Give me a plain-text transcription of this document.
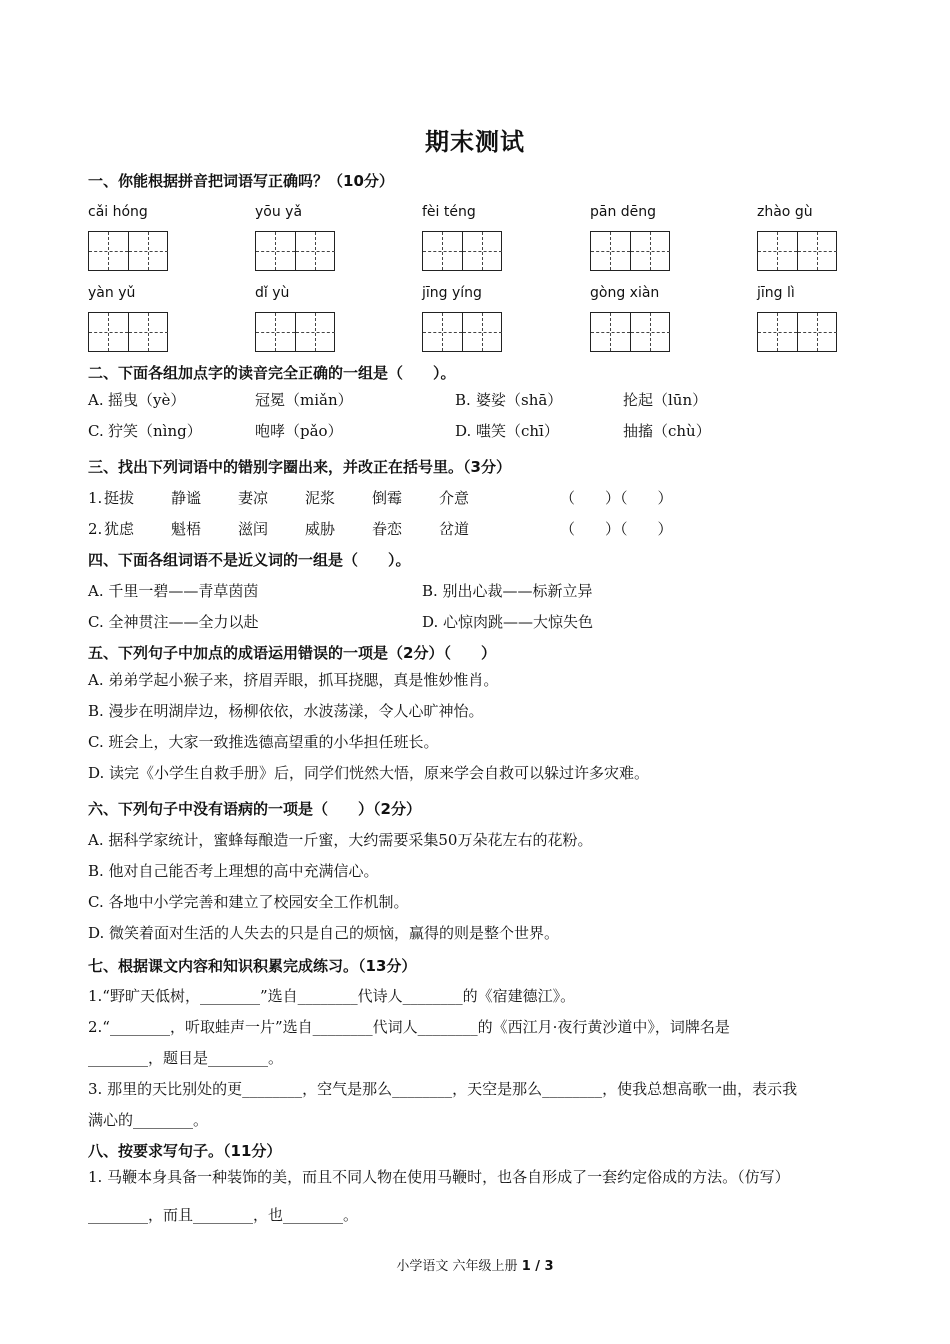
期末测试
一、你能根据拼音把词语写正确吗？（10分）
cǎi hóng	yōu yǎ	fèi téng	pān dēng	zhào gù
yàn yǔ	dǐ yù	jīng yíng	gòng xiàn	jīng lì
二、下面各组加点字的读音完全正确的一组是（　　）。
A. 摇曳（yè）	冠冕（miǎn）	B. 婆娑（shā）	抡起（lūn）
C. 狞笑（nìng）	咆哮（pǎo）	D. 嗤笑（chī）	抽搐（chù）
三、找出下列词语中的错别字圈出来，并改正在括号里。（3分）
1. 挺拔 静谧 妻凉 泥浆 倒霉 介意	（　　）（　　）
2. 犹虑 魁梧 滋闰 威胁 眷恋 岔道	（　　）（　　）
四、下面各组词语不是近义词的一组是（　　）。
A. 千里一碧——青草茵茵	B. 别出心裁——标新立异
C. 全神贯注——全力以赴	D. 心惊肉跳——大惊失色
五、下列句子中加点的成语运用错误的一项是（2分）（　　）
A. 弟弟学起小猴子来，挤眉弄眼，抓耳挠腮，真是惟妙惟肖。
B. 漫步在明湖岸边，杨柳依依，水波荡漾，令人心旷神怡。
C. 班会上，大家一致推选德高望重的小华担任班长。
D. 读完《小学生自救手册》后，同学们恍然大悟，原来学会自救可以躲过许多灾难。
六、下列句子中没有语病的一项是（　　）（2分）
A. 据科学家统计，蜜蜂每酿造一斤蜜，大约需要采集50万朵花左右的花粉。
B. 他对自己能否考上理想的高中充满信心。
C. 各地中小学完善和建立了校园安全工作机制。
D. 微笑着面对生活的人失去的只是自己的烦恼，赢得的则是整个世界。
七、根据课文内容和知识积累完成练习。（13分）
1.“野旷天低树，________”选自________代诗人________的《宿建德江》。
2.“________，听取蛙声一片”选自________代词人________的《西江月·夜行黄沙道中》，词牌名是
________，题目是________。
3. 那里的天比别处的更________，空气是那么________，天空是那么________，使我总想高歌一曲，表示我
满心的________。
八、按要求写句子。（11分）
1. 马鞭本身具备一种装饰的美，而且不同人物在使用马鞭时，也各自形成了一套约定俗成的方法。（仿写）
________，而且________，也________。
小学语文 六年级上册 1 / 3
